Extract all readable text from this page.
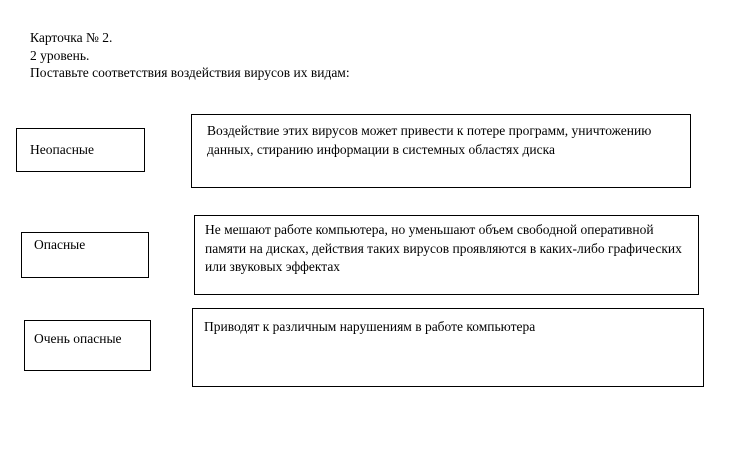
Карточка № 2.
2 уровень.
Поставьте соответствия воздействия вирусов их видам:
Неопасные
Опасные
Очень опасные
Воздействие этих вирусов может привести к потере программ, уничтожению данных, стиранию информации в системных областях диска
Не мешают работе компьютера, но уменьшают объем свободной оперативной памяти на дисках, действия таких вирусов проявляются в каких-либо графических или звуковых эффектах
Приводят к различным нарушениям в работе компьютера
